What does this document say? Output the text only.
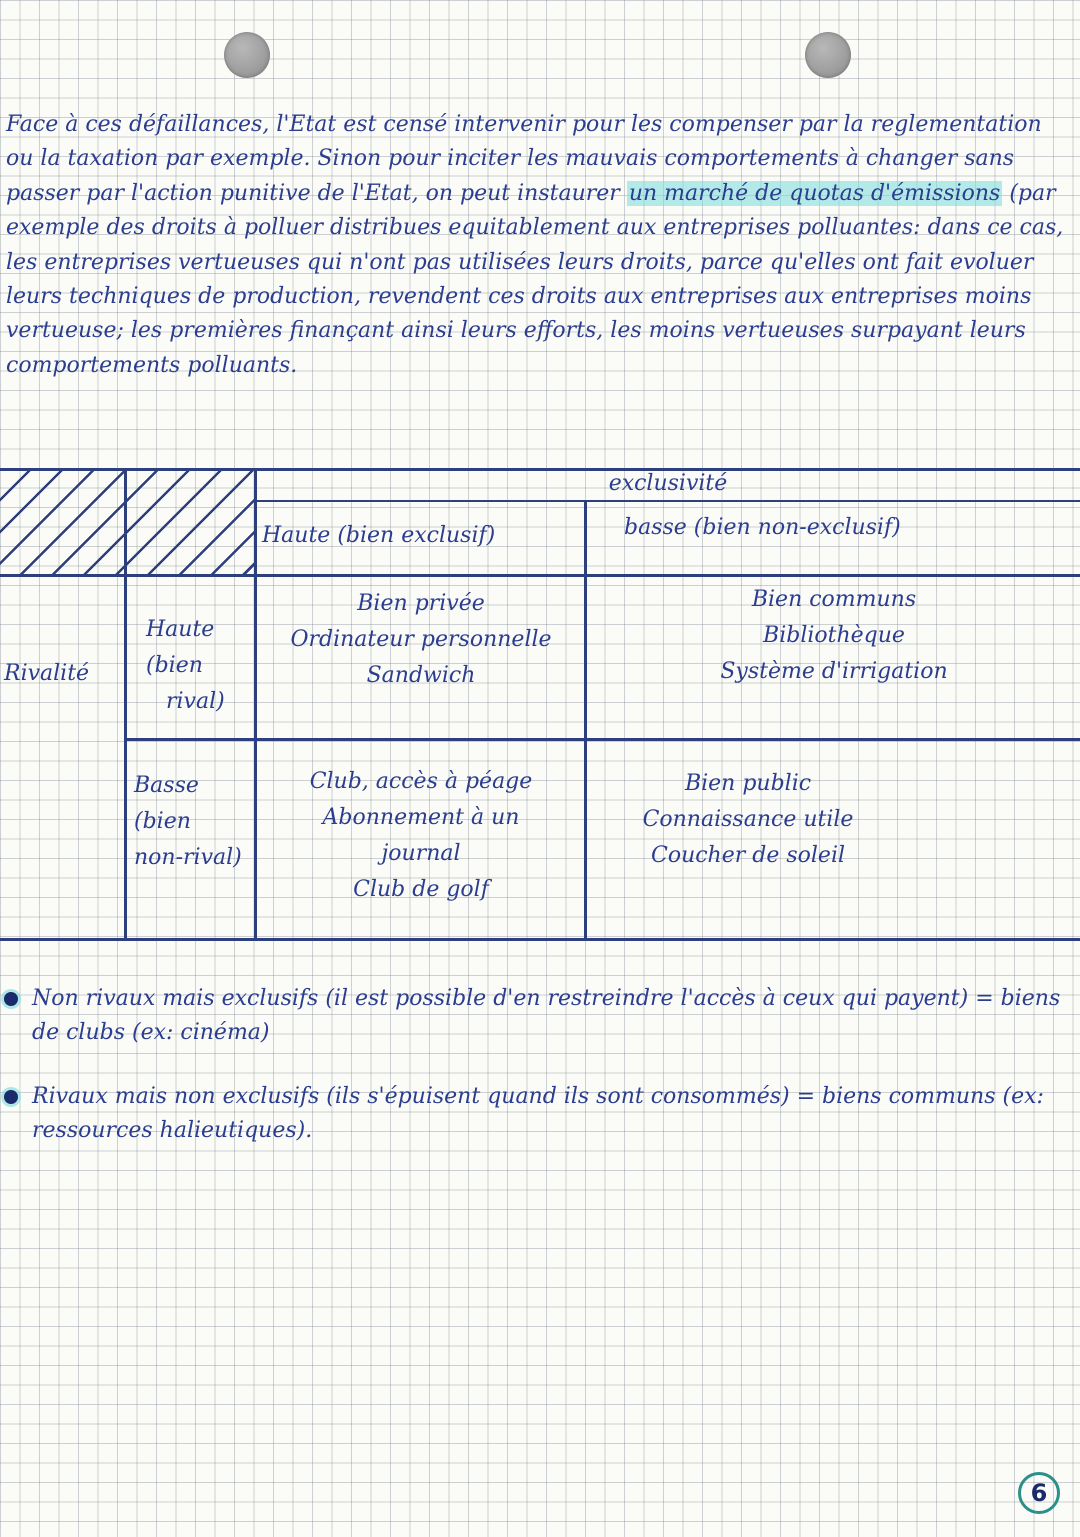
Face à ces défaillances, l'Etat est censé intervenir pour les compenser par la reglementation ou la taxation par exemple. Sinon pour inciter les mauvais comportements à changer sans passer par l'action punitive de l'Etat, on peut instaurer un marché de quotas d'émissions (par exemple des droits à polluer distribues equitablement aux entreprises polluantes: dans ce cas, les entreprises vertueuses qui n'ont pas utilisées leurs droits, parce qu'elles ont fait evoluer leurs techniques de production, revendent ces droits aux entreprises aux entreprises moins vertueuse; les premières finançant ainsi leurs efforts, les moins vertueuses surpayant leurs comportements polluants.

exclusivité
Haute (bien exclusif)	basse (bien non-exclusif)
Rivalité
Haute
(bien
rival)
Basse
(bien
non-rival)
Bien privée
Ordinateur personnelle
Sandwich
Bien communs
Bibliothèque
Système d'irrigation
Club, accès à péage
Abonnement à un
journal
Club de golf
Bien public
Connaissance utile
Coucher de soleil
Non rivaux mais exclusifs (il est possible d'en restreindre l'accès à ceux qui payent) = biens de clubs (ex: cinéma)
Rivaux mais non exclusifs (ils s'épuisent quand ils sont consommés) = biens communs (ex: ressources halieutiques).
6
